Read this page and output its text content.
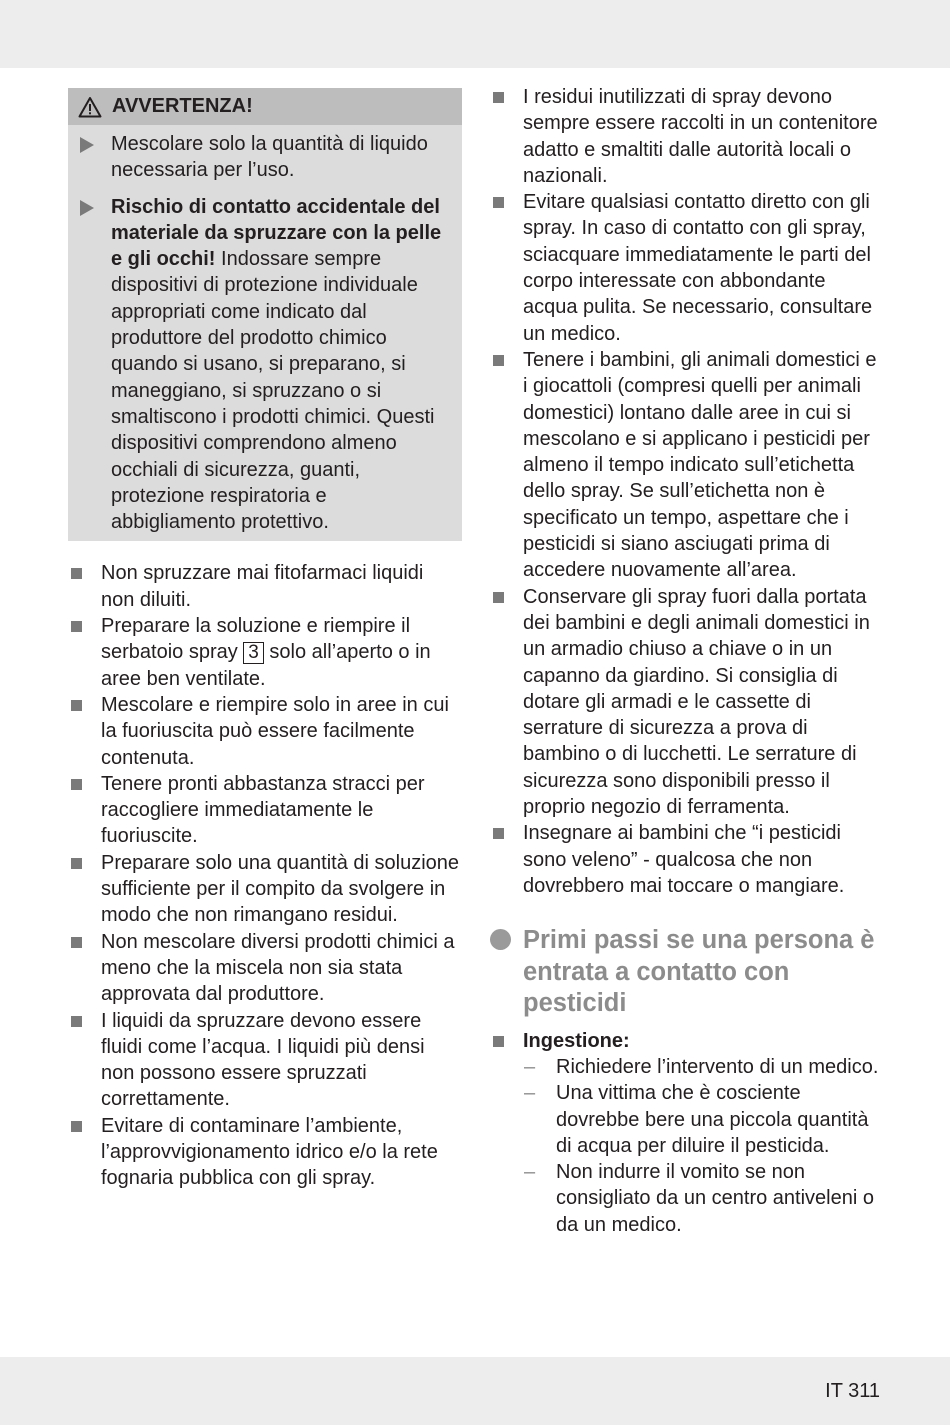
AVVERTENZA!
Mescolare solo la quantità di liquido necessaria per l’uso.
Rischio di contatto accidentale del materiale da spruzzare con la pelle e gli occhi! Indossare sempre dispositivi di protezione individuale appropriati come indicato dal produttore del prodotto chimico quando si usano, si preparano, si maneggiano, si spruzzano o si smaltiscono i prodotti chimici. Questi dispositivi comprendono almeno occhiali di sicurezza, guanti, protezione respiratoria e abbigliamento protettivo.
Non spruzzare mai fitofarmaci liquidi non diluiti.
Preparare la soluzione e riempire il serbatoio spray 3 solo all’aperto o in aree ben ventilate.
Mescolare e riempire solo in aree in cui la fuoriuscita può essere facilmente contenuta.
Tenere pronti abbastanza stracci per raccogliere immediatamente le fuoriuscite.
Preparare solo una quantità di soluzione sufficiente per il compito da svolgere in modo che non rimangano residui.
Non mescolare diversi prodotti chimici a meno che la miscela non sia stata approvata dal produttore.
I liquidi da spruzzare devono essere fluidi come l’acqua. I liquidi più densi non possono essere spruzzati correttamente.
Evitare di contaminare l’ambiente, l’approvvigionamento idrico e/o la rete fognaria pubblica con gli spray.
I residui inutilizzati di spray devono sempre essere raccolti in un contenitore adatto e smaltiti dalle autorità locali o nazionali.
Evitare qualsiasi contatto diretto con gli spray. In caso di contatto con gli spray, sciacquare immediatamente le parti del corpo interessate con abbondante acqua pulita. Se necessario, consultare un medico.
Tenere i bambini, gli animali domestici e i giocattoli (compresi quelli per animali domestici) lontano dalle aree in cui si mescolano e si applicano i pesticidi per almeno il tempo indicato sull’etichetta dello spray. Se sull’etichetta non è specificato un tempo, aspettare che i pesticidi si siano asciugati prima di accedere nuovamente all’area.
Conservare gli spray fuori dalla portata dei bambini e degli animali domestici in un armadio chiuso a chiave o in un capanno da giardino. Si consiglia di dotare gli armadi e le cassette di serrature di sicurezza a prova di bambino o di lucchetti. Le serrature di sicurezza sono disponibili presso il proprio negozio di ferramenta.
Insegnare ai bambini che “i pesticidi sono veleno” - qualcosa che non dovrebbero mai toccare o mangiare.
Primi passi se una persona è entrata a contatto con pesticidi
Ingestione:
– Richiedere l’intervento di un medico.
– Una vittima che è cosciente dovrebbe bere una piccola quantità di acqua per diluire il pesticida.
– Non indurre il vomito se non consigliato da un centro antiveleni o da un medico.
IT 311
